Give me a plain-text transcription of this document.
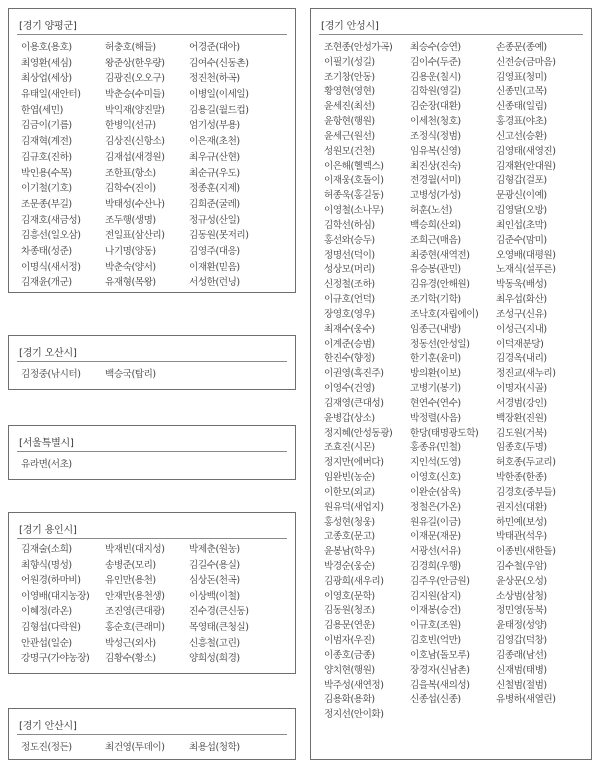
[경기 양평군]
이용호(용호)	허충호(해들)	어경준(대아)
최영환(세심)	왕준상(한우량)	김여수(신동촌)
최상업(세상)	김광진(오오구)	정진천(하곡)
유태일(새안터)	박춘승(수미들)	이병일(이세일)
한엽(세민)	박익재(양진말)	김용길(월드컵)
김금이(기름)	한병익(선규)	엄기성(부용)
김재혁(계전)	김상진(신항소)	이은재(초천)
김규호(진하)	김재섭(새경원)	최우규(산현)
박인용(수목)	조한표(항소)	최순규(우도)
이기철(기호)	김학수(진이)	정종훈(지제)
조문종(부길)	박태성(수산나)	김희준(굴레)
김재호(새금성)	조두행(생명)	정규성(산일)
김흥선(일오삼)	전일표(삼산리)	김동원(못저리)
차종태(성준)	나기명(양동)	김영주(대응)
이명식(새서정)	박춘숙(양서)	이재환(믿음)
김재윤(개군)	유재형(목왕)	서성한(런닝)
[경기 오산시]
김정중(낚시터)	백승국(탑리)
[서울특별시]
유라면(서초)
[경기 용인시]
김재술(소희)	박재빈(대지성)	박제춘(원농)
최향식(명성)	송병준(모리)	김길수(용실)
어원경(하마비)	유인만(용천)	심상돈(천곡)
이영배(대지농장)	안재만(용천생)	이상백(이철)
이혜정(라온)	조진영(큰대광)	진수경(큰신동)
김형섭(다락원)	홍순호(큰래미)	목영태(큰청실)
안관섭(일순)	박성근(외사)	신흥철(고린)
강명구(가야농장)	김황수(황소)	양희성(희경)
[경기 안산시]
정도진(정든)	최건영(투데이)	최용섭(청학)
[경기 안성시]
조현종(안성가곡)	최승수(승연)	손종문(종예)
이필기(성길)	김이수(두준)	신전승(금마음)
조기창(안동)	김용운(칠시)	김영표(청미)
황영현(영현)	김학원(영길)	신종민(고목)
윤세진(최선)	김순장(대환)	신종태(일림)
윤항현(행원)	이세천(청호)	홍경표(야초)
윤세근(원선)	조정식(정범)	신고선(승환)
성원모(건천)	임유복(신영)	김영태(새영진)
이은해(헬렉스)	최진상(진숙)	김재환(안대원)
이재웅(호돌이)	전경월(서미)	김형갑(걸포)
허종욱(홍길동)	고병성(가성)	문광신(이예)
이영철(소나무)	허훈(노선)	김영달(오방)
김학선(하심)	백승희(산외)	최인섭(초막)
홍선와(승두)	조희근(매음)	김준수(맘미)
정명선(덕이)	최중현(새역전)	오영배(대평원)
성상모(머리)	유승봉(관민)	노재식(설푸른)
신정철(조하)	김유경(안해원)	박동욱(배성)
이규호(언덕)	조기학(기학)	최우섭(화산)
장영호(영우)	조낙호(자립에이)	조성구(신유)
최재수(웅수)	임종근(내방)	이성근(지내)
이계준(승범)	정동선(안성일)	이덕재분당)
한진수(향정)	한기훈(윤미)	김경옥(내리)
이권영(흑진주)	방의환(이보)	정진교(새누리)
이영수(건영)	고병기(봉기)	이명자(시골)
김재영(큰대성)	현연수(연수)	서경범(강인)
윤병갑(상소)	박정렬(사음)	백장환(진원)
정지혜(안성동광)	한당(태명광도학)	김도원(거북)
조효진(시몬)	홍종유(민철)	임종호(두명)
정지만(에버다)	지인석(도영)	허호종(두교리)
임완빈(농순)	이영호(신호)	박한종(한종)
이한모(외교)	이완순(삼욱)	김경호(중부들)
원유덕(새업지)	정철은(가온)	권지선(대환)
홍성현(청웅)	원유길(이금)	하민예(보성)
고종호(문고)	이재문(재문)	박태관(석우)
윤봉남(학우)	서광선(서유)	이종빈(새한돌)
박경순(웅순)	김경희(우행)	김수철(우암)
김광희(새우리)	김주우(안금원)	윤상문(오성)
이영호(문학)	김지원(삼지)	소상범(삼청)
김동원(청조)	이재봉(승건)	정민영(동북)
김용문(연운)	이규호(조원)	윤태정(성양)
이범자(우진)	김호빈(억만)	김영갑(덕창)
이종호(금종)	이호남(돌모루)	김종래(남선)
양치현(행원)	장경자(신남촌)	신재범(태병)
박주성(새연정)	김을복(새의성)	신철범(절범)
김용화(용화)	신종섭(신종)	유병하(새열린)
정지선(안이화)
